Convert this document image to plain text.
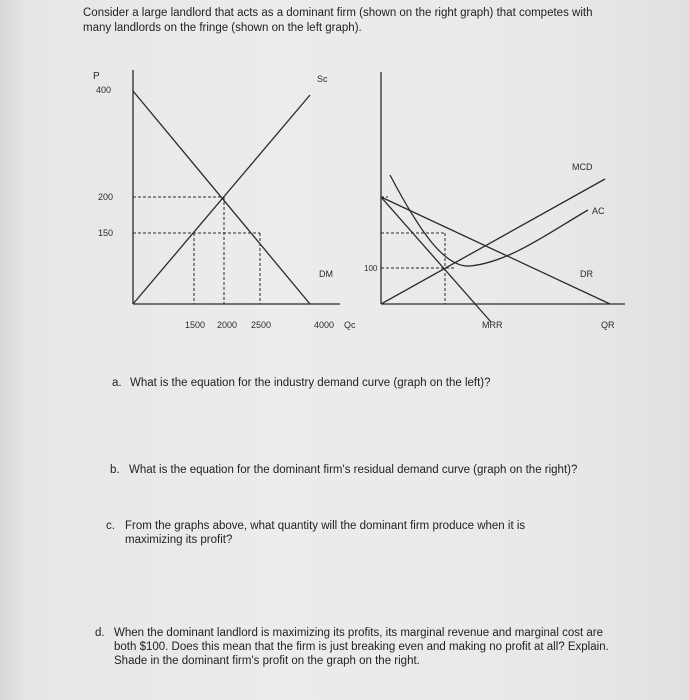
Consider a large landlord that acts as a dominant firm (shown on the right graph) that competes with many landlords on the fringe (shown on the left graph).

P
400
200
150
1500 2000 2500	4000 Qc
Sc
DM
100
MCD
AC
DR
MRR	QR
a. What is the equation for the industry demand curve (graph on the left)?
b. What is the equation for the dominant firm's residual demand curve (graph on the right)?
c. From the graphs above, what quantity will the dominant firm produce when it is maximizing its profit?
d. When the dominant landlord is maximizing its profits, its marginal revenue and marginal cost are both $100. Does this mean that the firm is just breaking even and making no profit at all? Explain. Shade in the dominant firm's profit on the graph on the right.
